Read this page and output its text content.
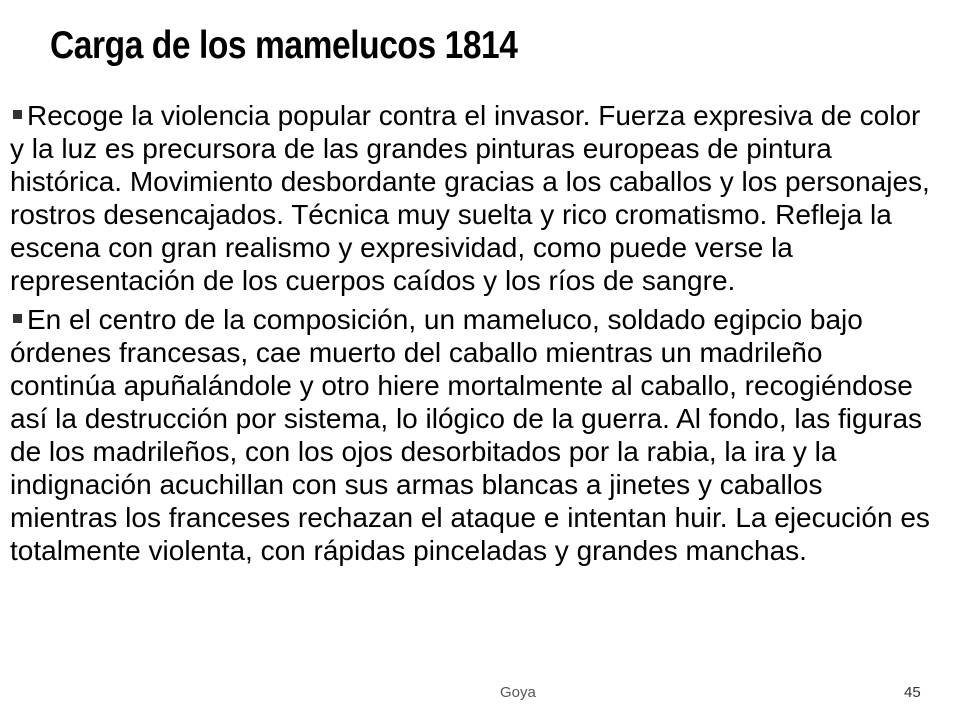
Carga de los mamelucos 1814

Recoge la violencia popular contra el invasor. Fuerza expresiva de color y la luz es precursora de las grandes pinturas europeas de pintura histórica. Movimiento desbordante gracias a los caballos y los personajes, rostros desencajados. Técnica muy suelta y rico cromatismo. Refleja la escena con gran realismo y expresividad, como puede verse la representación de los cuerpos caídos y los ríos de sangre.

En el centro de la composición, un mameluco, soldado egipcio bajo órdenes francesas, cae muerto del caballo mientras un madrileño continúa apuñalándole y otro hiere mortalmente al caballo, recogiéndose así la destrucción por sistema, lo ilógico de la guerra. Al fondo, las figuras de los madrileños, con los ojos desorbitados por la rabia, la ira y la indignación acuchillan con sus armas blancas a jinetes y caballos mientras los franceses rechazan el ataque e intentan huir. La ejecución es totalmente violenta, con rápidas pinceladas y grandes manchas.

Goya	45
